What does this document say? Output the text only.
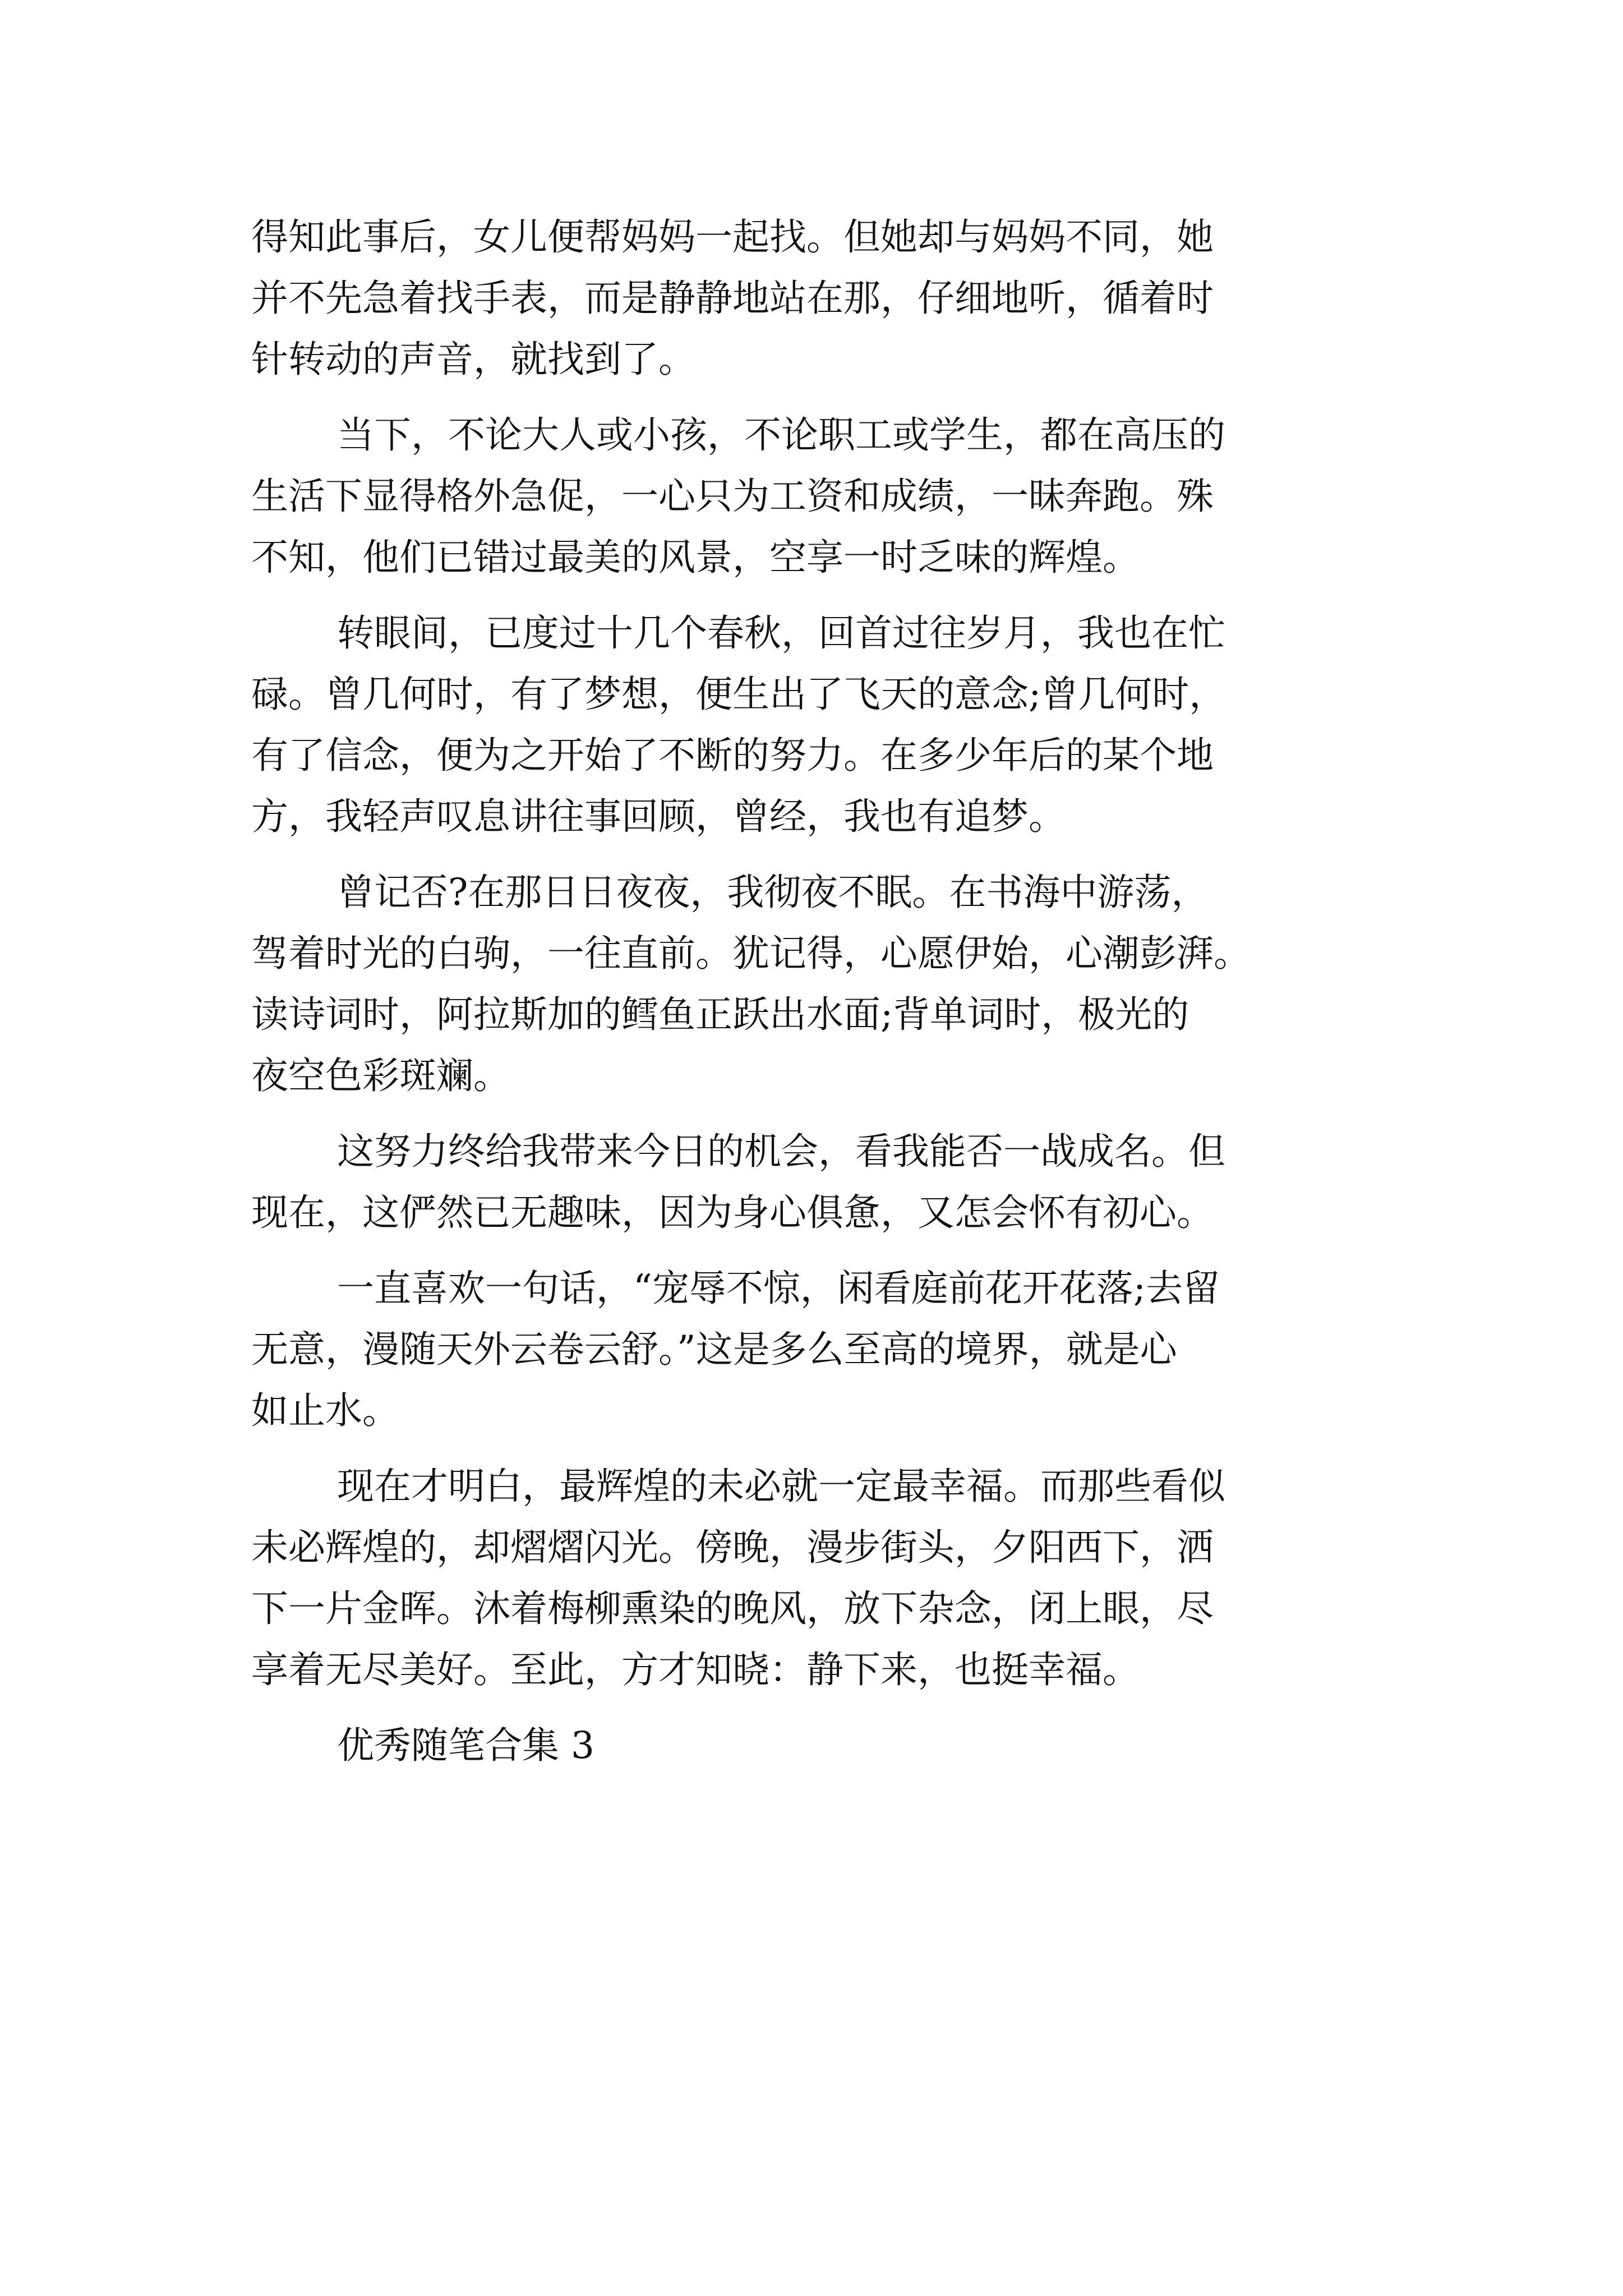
得知此事后，女儿便帮妈妈一起找。但她却与妈妈不同，她
并不先急着找手表，而是静静地站在那，仔细地听，循着时
针转动的声音，就找到了。
当下，不论大人或小孩，不论职工或学生，都在高压的
生活下显得格外急促，一心只为工资和成绩，一昧奔跑。殊
不知，他们已错过最美的风景，空享一时乏味的辉煌。
转眼间，已度过十几个春秋，回首过往岁月，我也在忙
碌。曾几何时，有了梦想，便生出了飞天的意念;曾几何时，
有了信念，便为之开始了不断的努力。在多少年后的某个地
方，我轻声叹息讲往事回顾，曾经，我也有追梦。
曾记否?在那日日夜夜，我彻夜不眠。在书海中游荡，
驾着时光的白驹，一往直前。犹记得，心愿伊始，心潮彭湃。
读诗词时，阿拉斯加的鳕鱼正跃出水面;背单词时，极光的
夜空色彩斑斓。
这努力终给我带来今日的机会，看我能否一战成名。但
现在，这俨然已无趣味，因为身心俱惫，又怎会怀有初心。
一直喜欢一句话，“宠辱不惊，闲看庭前花开花落;去留
无意，漫随天外云卷云舒。”这是多么至高的境界，就是心
如止水。
现在才明白，最辉煌的未必就一定最幸福。而那些看似
未必辉煌的，却熠熠闪光。傍晚，漫步街头，夕阳西下，洒
下一片金晖。沐着梅柳熏染的晚风，放下杂念，闭上眼，尽
享着无尽美好。至此，方才知晓：静下来，也挺幸福。
优秀随笔合集 3
